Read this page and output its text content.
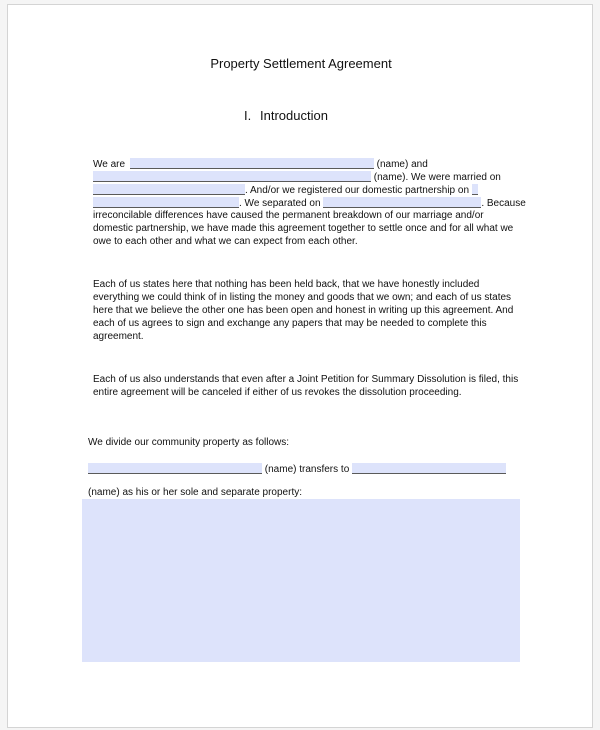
Property Settlement Agreement
I. Introduction
We are	(name) and
(name). We were married on
. And/or we registered our domestic partnership on
. We separated on	. Because
irreconcilable differences have caused the permanent breakdown of our marriage and/or
domestic partnership, we have made this agreement together to settle once and for all what we
owe to each other and what we can expect from each other.
Each of us states here that nothing has been held back, that we have honestly included
everything we could think of in listing the money and goods that we own; and each of us states
here that we believe the other one has been open and honest in writing up this agreement. And
each of us agrees to sign and exchange any papers that may be needed to complete this
agreement.
Each of us also understands that even after a Joint Petition for Summary Dissolution is filed, this
entire agreement will be canceled if either of us revokes the dissolution proceeding.
We divide our community property as follows:
(name) transfers to
(name) as his or her sole and separate property:
